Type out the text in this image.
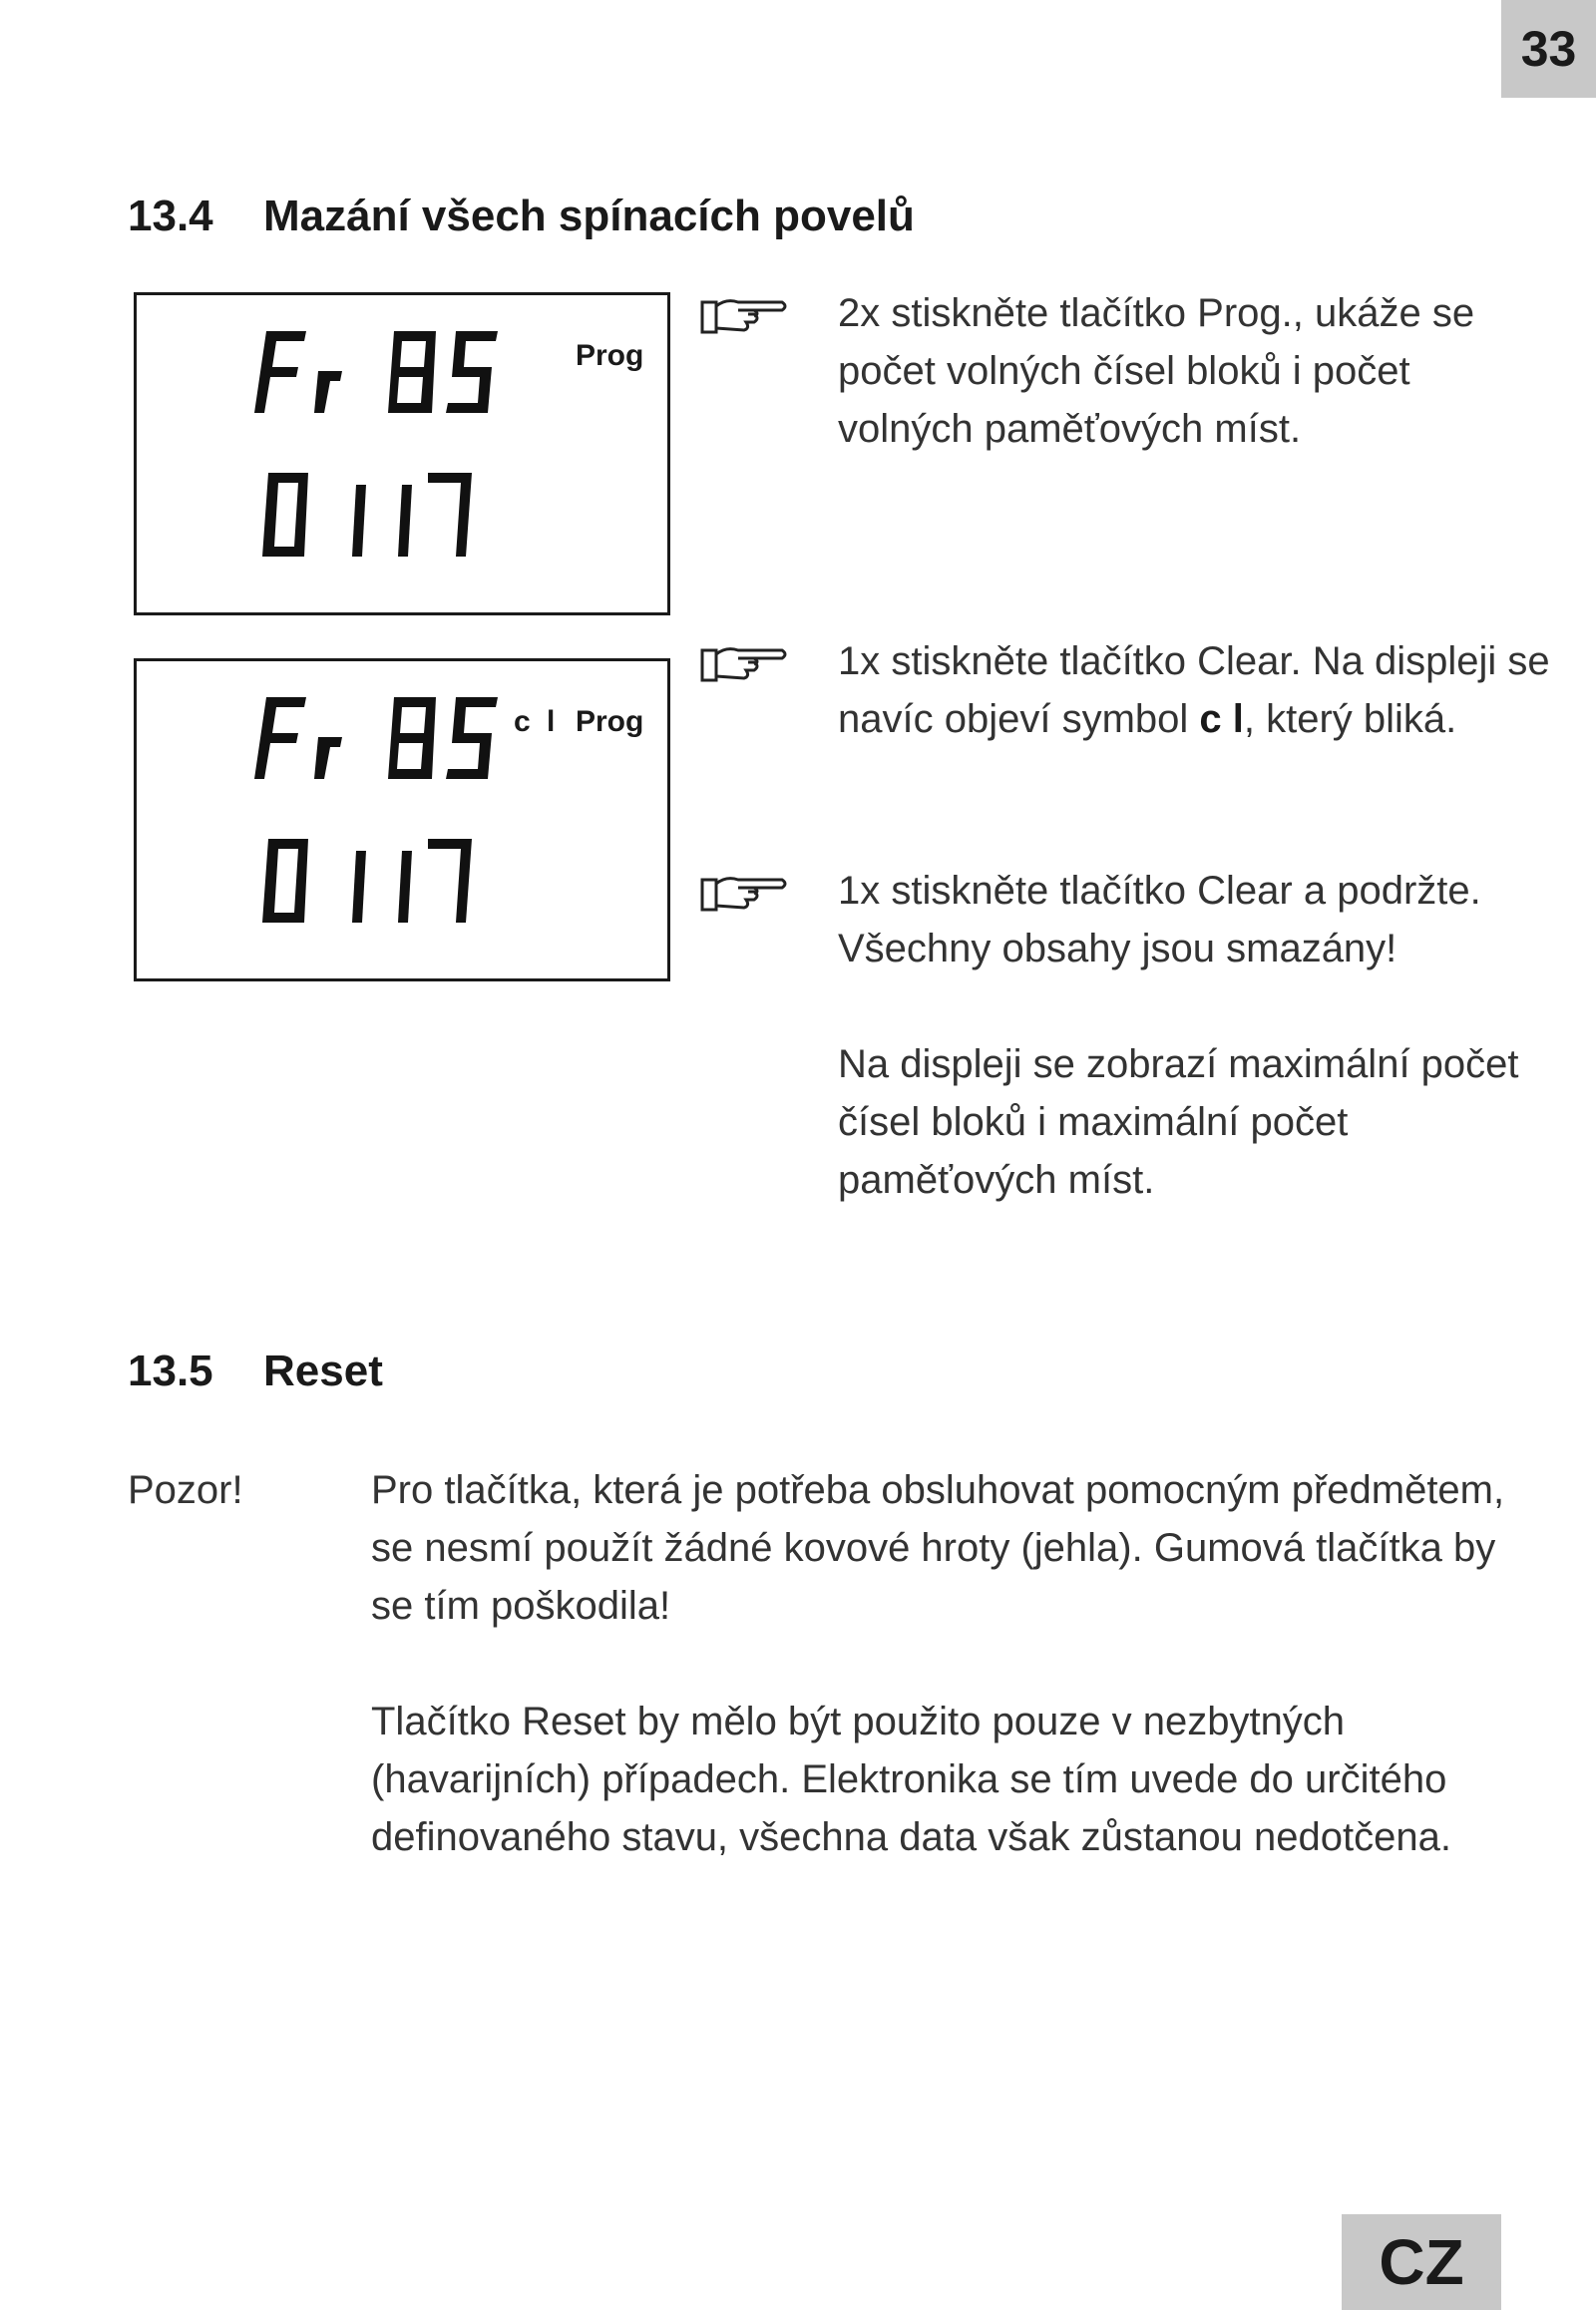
33
13.4 Mazání všech spínacích povelů
Prog
c l Prog
2x stiskněte tlačítko Prog., ukáže se počet volných čísel bloků i počet volných paměťových míst.
1x stiskněte tlačítko Clear. Na displeji se navíc objeví symbol c l, který bliká.
1x stiskněte tlačítko Clear a podržte. Všechny obsahy jsou smazány!
Na displeji se zobrazí maximální počet čísel bloků i maximální počet paměťových míst.
13.5 Reset
Pozor!	Pro tlačítka, která je potřeba obsluhovat pomocným předmětem, se nesmí použít žádné kovové hroty (jehla). Gumová tlačítka by se tím poškodila!
Tlačítko Reset by mělo být použito pouze v nezbytných (havarijních) případech. Elektronika se tím uvede do určitého definovaného stavu, všechna data však zůstanou nedotčena.
CZ
